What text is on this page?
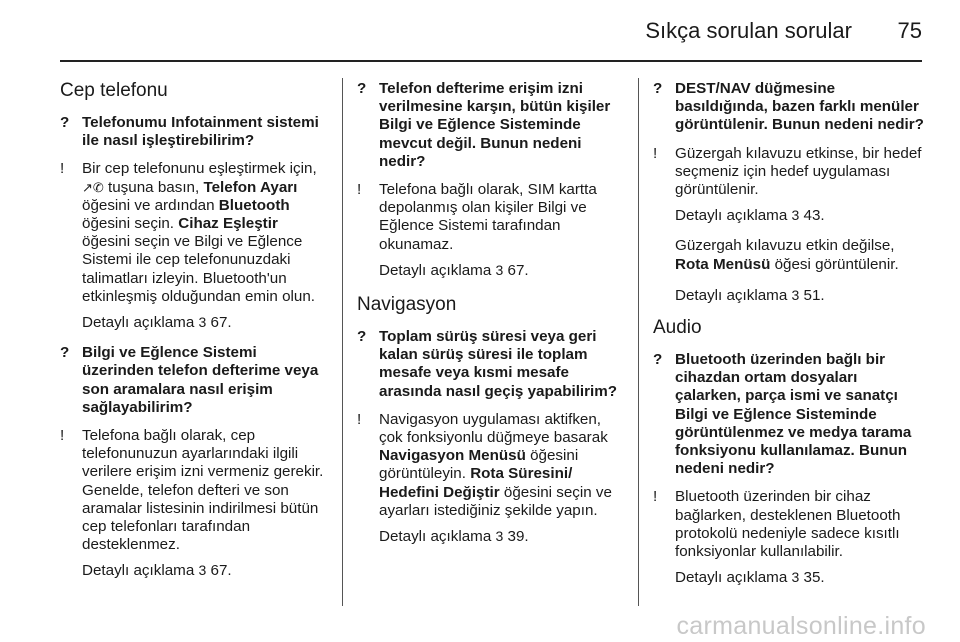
Sıkça sorulan sorular 75
Cep telefonu
? Telefonumu Infotainment sistemi ile nasıl işleştirebilirim?
! Bir cep telefonunu eşleştirmek için, ↗✆ tuşuna basın, Telefon Ayarı öğesini ve ardından Bluetooth öğesini seçin. Cihaz Eşleştir öğesini seçin ve Bilgi ve Eğlence Sistemi ile cep telefonunuzdaki talimatları izleyin. Bluetooth'un etkinleşmiş olduğundan emin olun.
Detaylı açıklama 3 67.
? Bilgi ve Eğlence Sistemi üzerinden telefon defterime veya son aramalara nasıl erişim sağlayabilirim?
! Telefona bağlı olarak, cep telefonunuzun ayarlarındaki ilgili verilere erişim izni vermeniz gerekir. Genelde, telefon defteri ve son aramalar listesinin indirilmesi bütün cep telefonları tarafından desteklenmez.
Detaylı açıklama 3 67.
? Telefon defterime erişim izni verilmesine karşın, bütün kişiler Bilgi ve Eğlence Sisteminde mevcut değil. Bunun nedeni nedir?
! Telefona bağlı olarak, SIM kartta depolanmış olan kişiler Bilgi ve Eğlence Sistemi tarafından okunamaz.
Detaylı açıklama 3 67.
Navigasyon
? Toplam sürüş süresi veya geri kalan sürüş süresi ile toplam mesafe veya kısmi mesafe arasında nasıl geçiş yapabilirim?
! Navigasyon uygulaması aktifken, çok fonksiyonlu düğmeye basarak Navigasyon Menüsü öğesini görüntüleyin. Rota Süresini/ Hedefini Değiştir öğesini seçin ve ayarları istediğiniz şekilde yapın.
Detaylı açıklama 3 39.
? DEST/NAV düğmesine basıldığında, bazen farklı menüler görüntülenir. Bunun nedeni nedir?
! Güzergah kılavuzu etkinse, bir hedef seçmeniz için hedef uygulaması görüntülenir.
Detaylı açıklama 3 43.
Güzergah kılavuzu etkin değilse, Rota Menüsü öğesi görüntülenir.
Detaylı açıklama 3 51.
Audio
? Bluetooth üzerinden bağlı bir cihazdan ortam dosyaları çalarken, parça ismi ve sanatçı Bilgi ve Eğlence Sisteminde görüntülenmez ve medya tarama fonksiyonu kullanılamaz. Bunun nedeni nedir?
! Bluetooth üzerinden bir cihaz bağlarken, desteklenen Bluetooth protokolü nedeniyle sadece kısıtlı fonksiyonlar kullanılabilir.
Detaylı açıklama 3 35.
carmanualsonline.info
